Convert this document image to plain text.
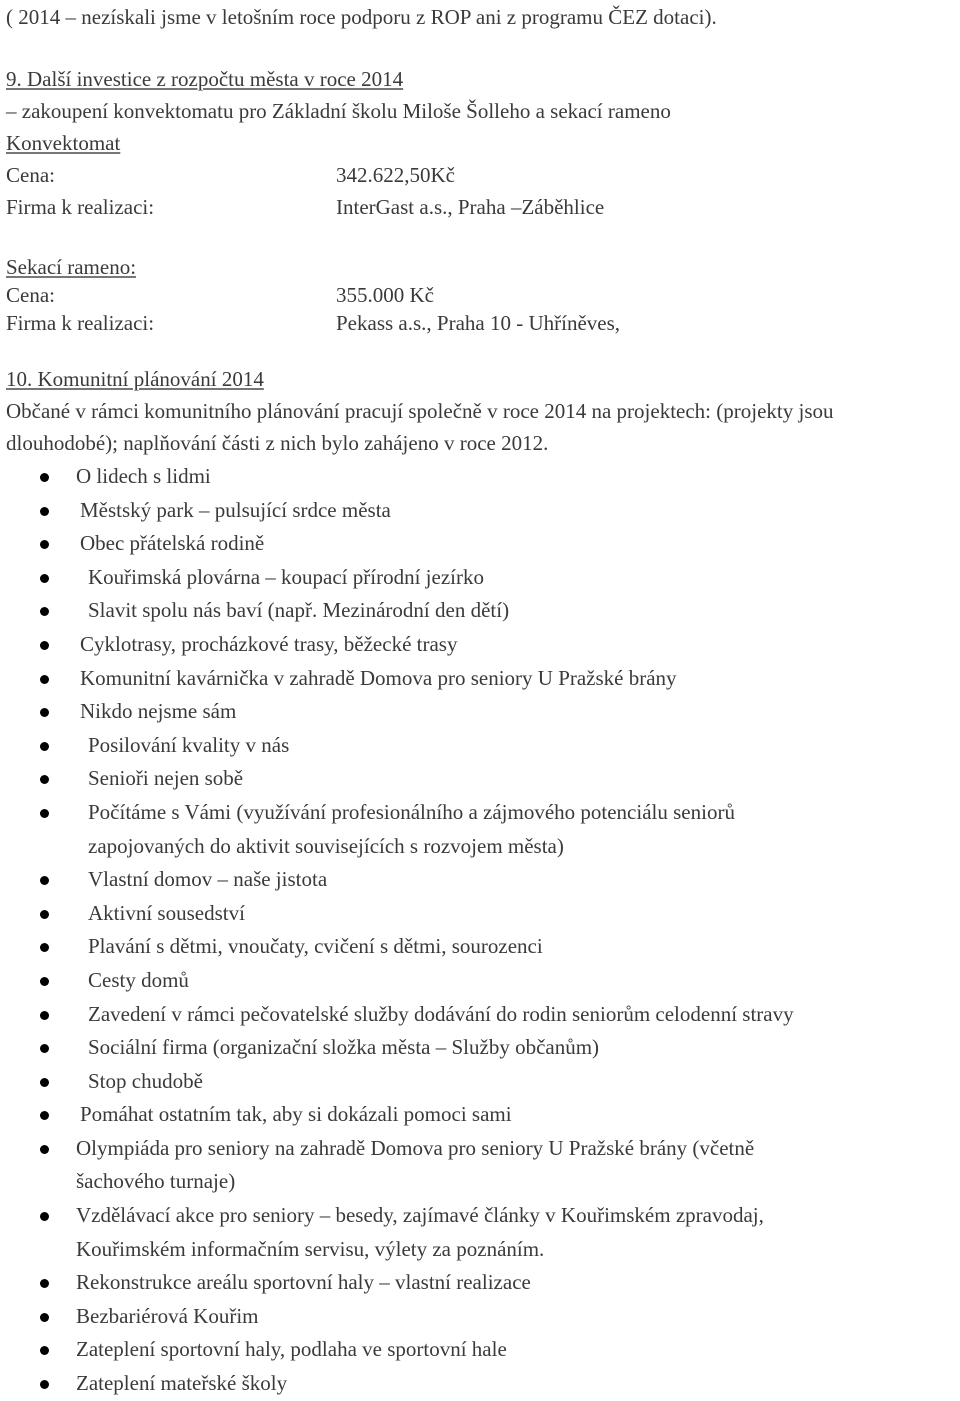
( 2014 – nezískali jsme v letošním roce podporu z ROP ani z programu ČEZ dotaci).
9. Další investice z rozpočtu města v roce 2014
– zakoupení konvektomatu pro Základní školu Miloše Šolleho a sekací rameno
Konvektomat
Cena:	342.622,50Kč
Firma k realizaci:	InterGast a.s., Praha –Záběhlice
Sekací rameno:
Cena:	355.000 Kč
Firma k realizaci:	Pekass a.s., Praha 10 - Uhříněves,
10. Komunitní plánování 2014
Občané v rámci komunitního plánování pracují společně v roce 2014 na projektech: (projekty jsou
dlouhodobé); naplňování části z nich bylo zahájeno v roce 2012.
O lidech s lidmi
Městský park – pulsující srdce města
Obec přátelská rodině
Kouřimská plovárna – koupací přírodní jezírko
Slavit spolu nás baví (např. Mezinárodní den dětí)
Cyklotrasy, procházkové trasy, běžecké trasy
Komunitní kavárnička v zahradě Domova pro seniory U Pražské brány
Nikdo nejsme sám
Posilování kvality v nás
Senioři nejen sobě
Počítáme s Vámi (využívání profesionálního a zájmového potenciálu seniorů
zapojovaných do aktivit souvisejících s rozvojem města)
Vlastní domov – naše jistota
Aktivní sousedství
Plavání s dětmi, vnoučaty, cvičení s dětmi, sourozenci
Cesty domů
Zavedení v rámci pečovatelské služby dodávání do rodin seniorům celodenní stravy
Sociální firma (organizační složka města – Služby občanům)
Stop chudobě
Pomáhat ostatním tak, aby si dokázali pomoci sami
Olympiáda pro seniory na zahradě Domova pro seniory U Pražské brány (včetně
šachového turnaje)
Vzdělávací akce pro seniory – besedy, zajímavé články v Kouřimském zpravodaj,
Kouřimském informačním servisu, výlety za poznáním.
Rekonstrukce areálu sportovní haly – vlastní realizace
Bezbariérová Kouřim
Zateplení sportovní haly, podlaha ve sportovní hale
Zateplení mateřské školy
